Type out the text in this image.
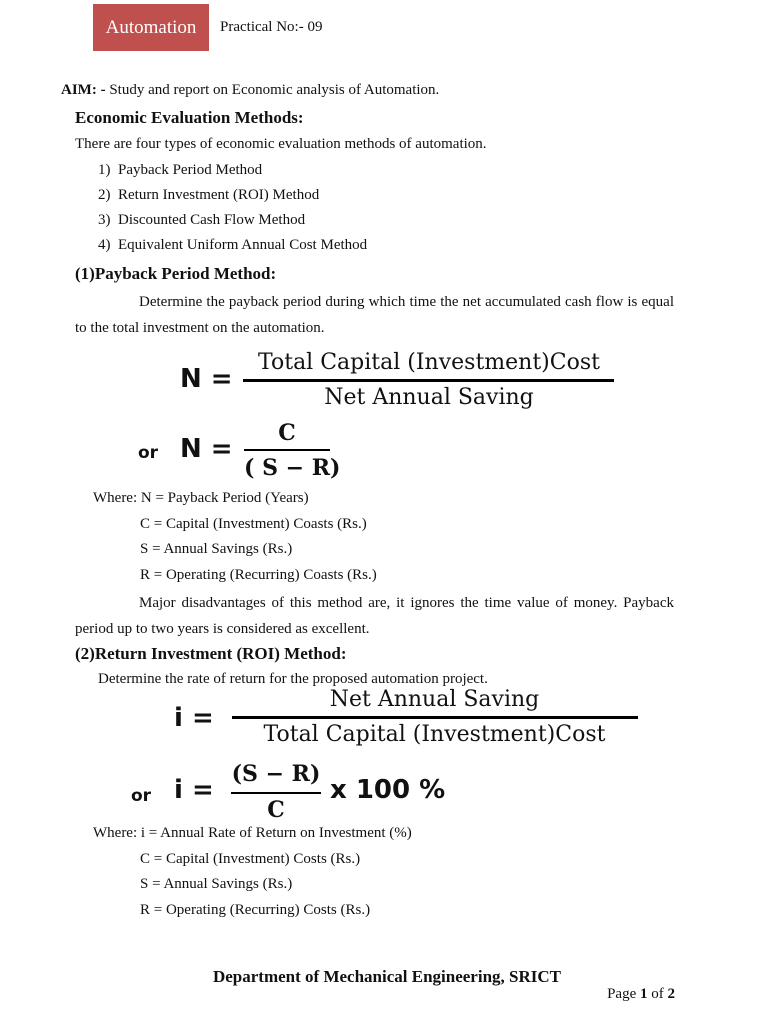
Automation	Practical No:- 09
AIM: - Study and report on Economic analysis of Automation.
Economic Evaluation Methods:
There are four types of economic evaluation methods of automation.
1) Payback Period Method
2) Return Investment (ROI) Method
3) Discounted Cash Flow Method
4) Equivalent Uniform Annual Cost Method
(1)Payback Period Method:
Determine the payback period during which time the net accumulated cash flow is equal to the total investment on the automation.
N =
Total Capital (Investment)Cost
Net Annual Saving
or N =
C
( S − R)
Where: N = Payback Period (Years)
C = Capital (Investment) Coasts (Rs.)
S = Annual Savings (Rs.)
R = Operating (Recurring) Coasts (Rs.)
Major disadvantages of this method are, it ignores the time value of money. Payback period up to two years is considered as excellent.
(2)Return Investment (ROI) Method:
Determine the rate of return for the proposed automation project.
i =
Net Annual Saving
Total Capital (Investment)Cost
or i =
(S − R)
C
x 100 %
Where: i = Annual Rate of Return on Investment (%)
C = Capital (Investment) Costs (Rs.)
S = Annual Savings (Rs.)
R = Operating (Recurring) Costs (Rs.)
Department of Mechanical Engineering, SRICT
Page 1 of 2
